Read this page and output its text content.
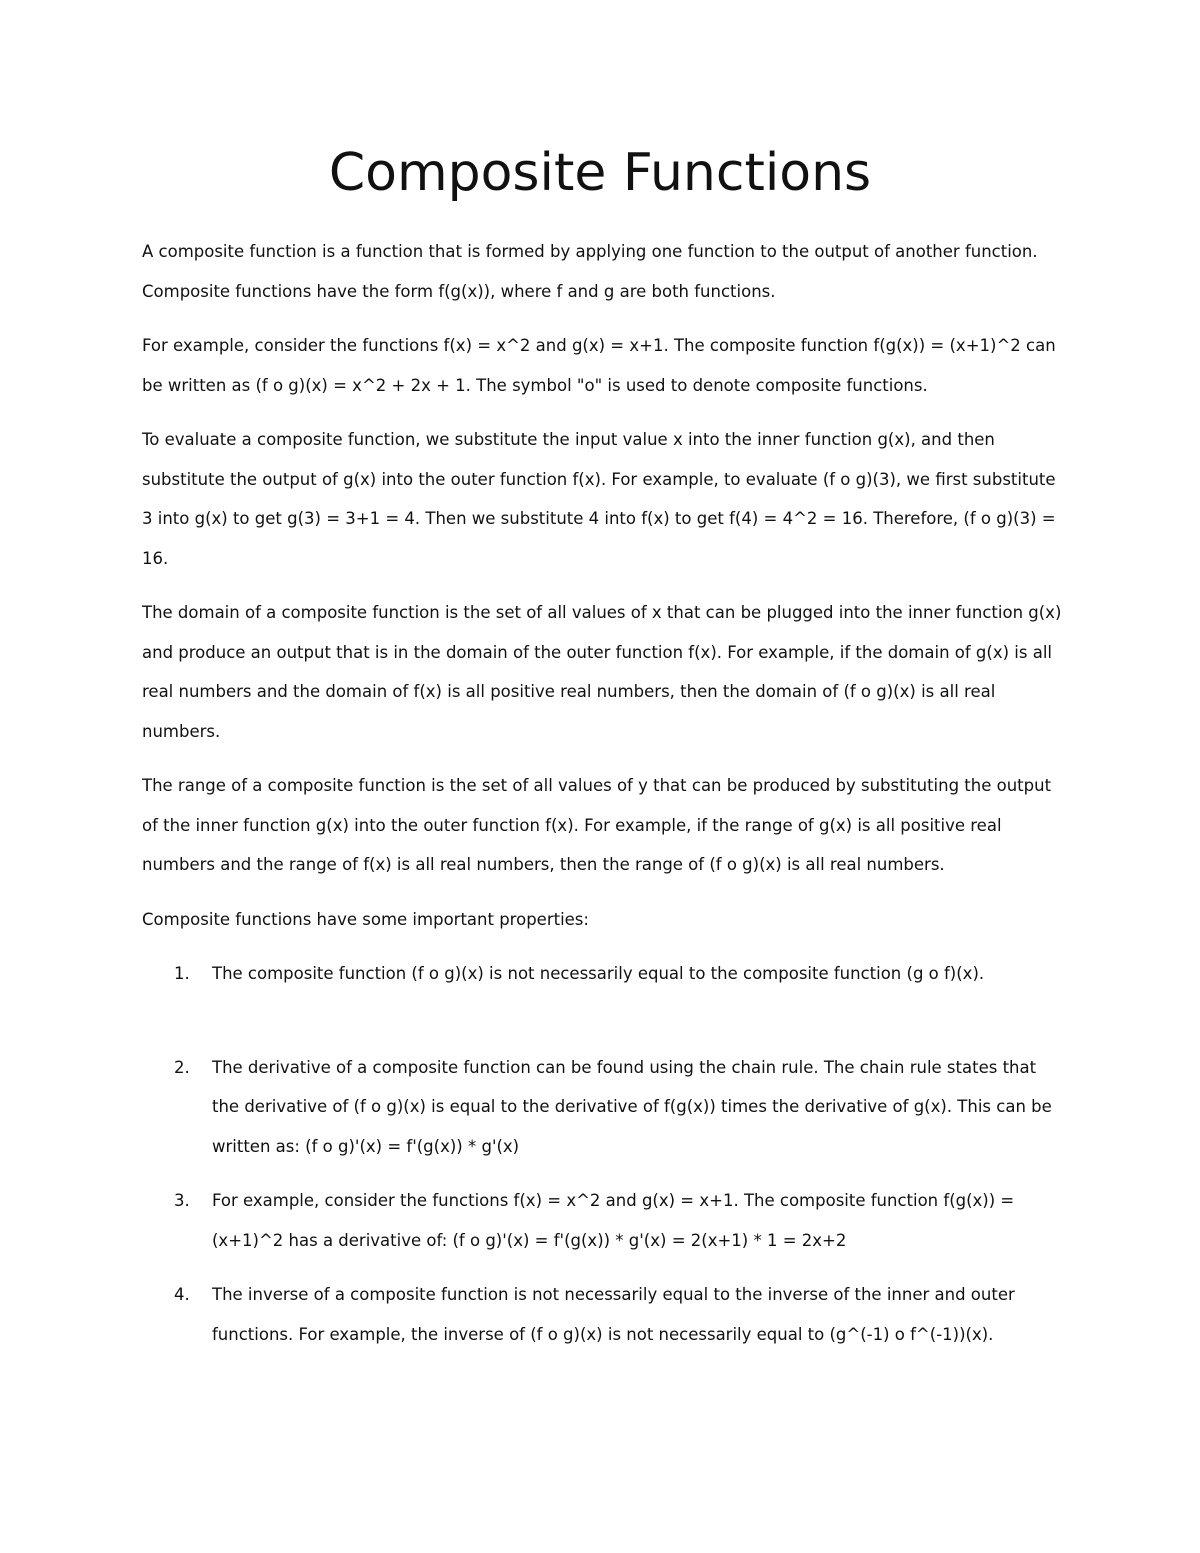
Composite Functions

A composite function is a function that is formed by applying one function to the output of another function. Composite functions have the form f(g(x)), where f and g are both functions.

For example, consider the functions f(x) = x^2 and g(x) = x+1. The composite function f(g(x)) = (x+1)^2 can be written as (f o g)(x) = x^2 + 2x + 1. The symbol "o" is used to denote composite functions.

To evaluate a composite function, we substitute the input value x into the inner function g(x), and then substitute the output of g(x) into the outer function f(x). For example, to evaluate (f o g)(3), we first substitute 3 into g(x) to get g(3) = 3+1 = 4. Then we substitute 4 into f(x) to get f(4) = 4^2 = 16. Therefore, (f o g)(3) = 16.

The domain of a composite function is the set of all values of x that can be plugged into the inner function g(x) and produce an output that is in the domain of the outer function f(x). For example, if the domain of g(x) is all real numbers and the domain of f(x) is all positive real numbers, then the domain of (f o g)(x) is all real numbers.

The range of a composite function is the set of all values of y that can be produced by substituting the output of the inner function g(x) into the outer function f(x). For example, if the range of g(x) is all positive real numbers and the range of f(x) is all real numbers, then the range of (f o g)(x) is all real numbers.

Composite functions have some important properties:

1. The composite function (f o g)(x) is not necessarily equal to the composite function (g o f)(x).
2. The derivative of a composite function can be found using the chain rule. The chain rule states that the derivative of (f o g)(x) is equal to the derivative of f(g(x)) times the derivative of g(x). This can be written as: (f o g)'(x) = f'(g(x)) * g'(x)
3. For example, consider the functions f(x) = x^2 and g(x) = x+1. The composite function f(g(x)) = (x+1)^2 has a derivative of: (f o g)'(x) = f'(g(x)) * g'(x) = 2(x+1) * 1 = 2x+2
4. The inverse of a composite function is not necessarily equal to the inverse of the inner and outer functions. For example, the inverse of (f o g)(x) is not necessarily equal to (g^(-1) o f^(-1))(x).
